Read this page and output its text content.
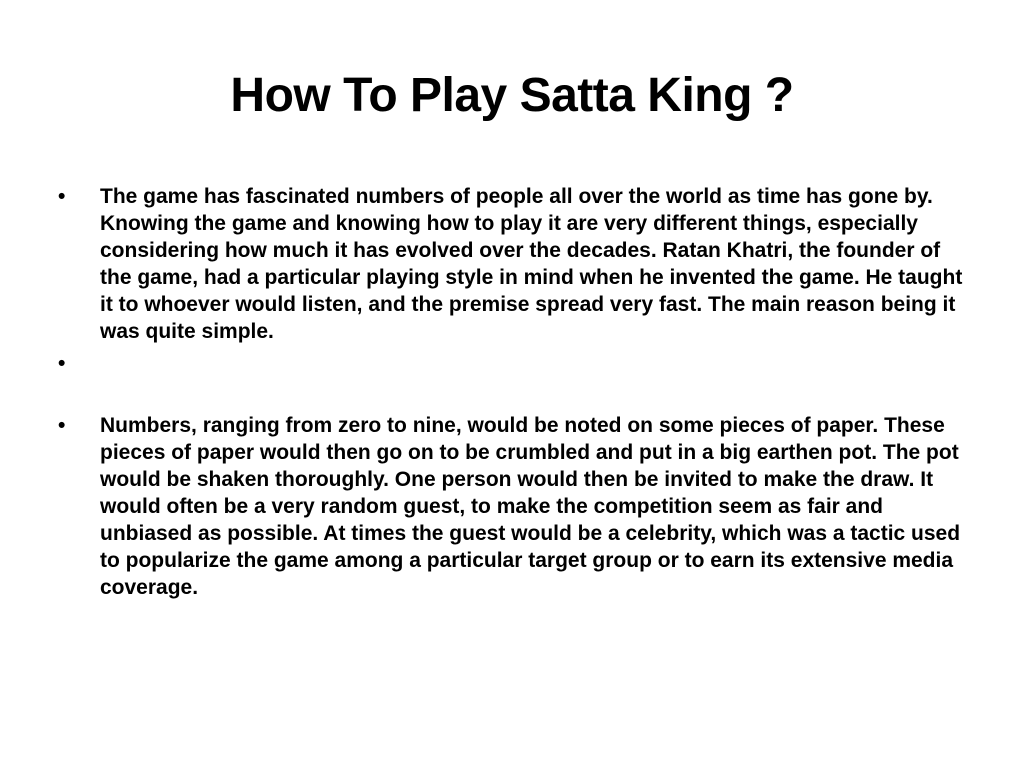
How To Play Satta King ?
•	The game has fascinated numbers of people all over the world as time has gone by. Knowing the game and knowing how to play it are very different things, especially considering how much it has evolved over the decades. Ratan Khatri, the founder of the game, had a particular playing style in mind when he invented the game. He taught it to whoever would listen, and the premise spread very fast. The main reason being it was quite simple.
•
•	Numbers, ranging from zero to nine, would be noted on some pieces of paper. These pieces of paper would then go on to be crumbled and put in a big earthen pot. The pot would be shaken thoroughly. One person would then be invited to make the draw. It would often be a very random guest, to make the competition seem as fair and unbiased as possible. At times the guest would be a celebrity, which was a tactic used to popularize the game among a particular target group or to earn its extensive media coverage.
